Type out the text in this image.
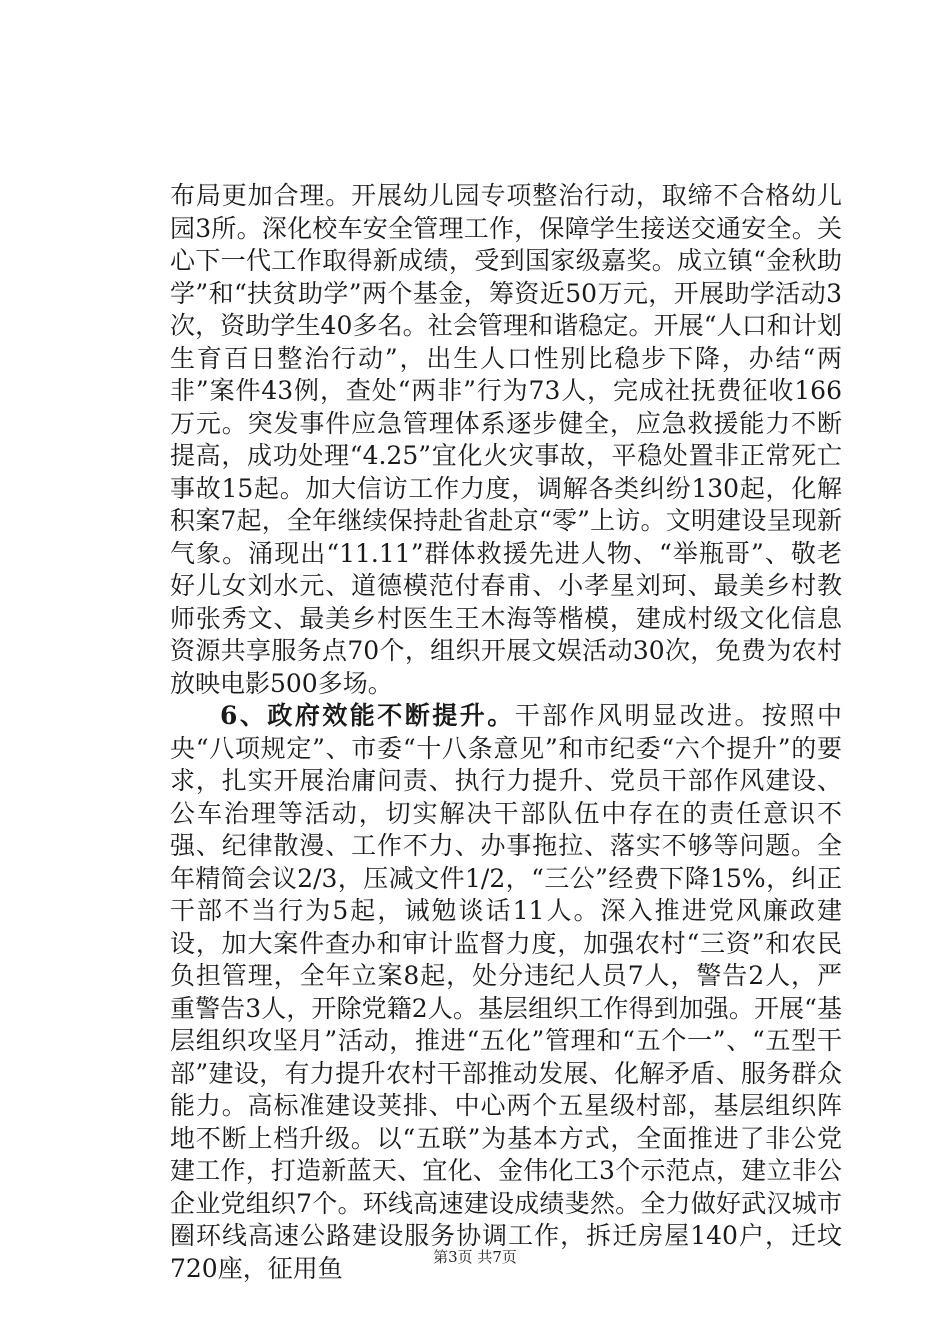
布局更加合理。开展幼儿园专项整治行动，取缔不合格幼儿园3所。深化校车安全管理工作，保障学生接送交通安全。关心下一代工作取得新成绩，受到国家级嘉奖。成立镇“金秋助学”和“扶贫助学”两个基金，筹资近50万元，开展助学活动3次，资助学生40多名。社会管理和谐稳定。开展“人口和计划生育百日整治行动”，出生人口性别比稳步下降，办结“两非”案件43例，查处“两非”行为73人，完成社抚费征收166万元。突发事件应急管理体系逐步健全，应急救援能力不断提高，成功处理“4.25”宜化火灾事故，平稳处置非正常死亡事故15起。加大信访工作力度，调解各类纠纷130起，化解积案7起，全年继续保持赴省赴京“零”上访。文明建设呈现新气象。涌现出“11.11”群体救援先进人物、“举瓶哥”、敬老好儿女刘水元、道德模范付春甫、小孝星刘珂、最美乡村教师张秀文、最美乡村医生王木海等楷模，建成村级文化信息资源共享服务点70个，组织开展文娱活动30次，免费为农村放映电影500多场。

6、政府效能不断提升。干部作风明显改进。按照中央“八项规定”、市委“十八条意见”和市纪委“六个提升”的要求，扎实开展治庸问责、执行力提升、党员干部作风建设、公车治理等活动，切实解决干部队伍中存在的责任意识不强、纪律散漫、工作不力、办事拖拉、落实不够等问题。全年精简会议2/3，压减文件1/2，“三公”经费下降15%，纠正干部不当行为5起，诫勉谈话11人。深入推进党风廉政建设，加大案件查办和审计监督力度，加强农村“三资”和农民负担管理，全年立案8起，处分违纪人员7人，警告2人，严重警告3人，开除党籍2人。基层组织工作得到加强。开展“基层组织攻坚月”活动，推进“五化”管理和“五个一”、“五型干部”建设，有力提升农村干部推动发展、化解矛盾、服务群众能力。高标准建设荚排、中心两个五星级村部，基层组织阵地不断上档升级。以“五联”为基本方式，全面推进了非公党建工作，打造新蓝天、宜化、金伟化工3个示范点，建立非公企业党组织7个。环线高速建设成绩斐然。全力做好武汉城市圈环线高速公路建设服务协调工作，拆迁房屋140户，迁坟720座，征用鱼	第3页 共7页
